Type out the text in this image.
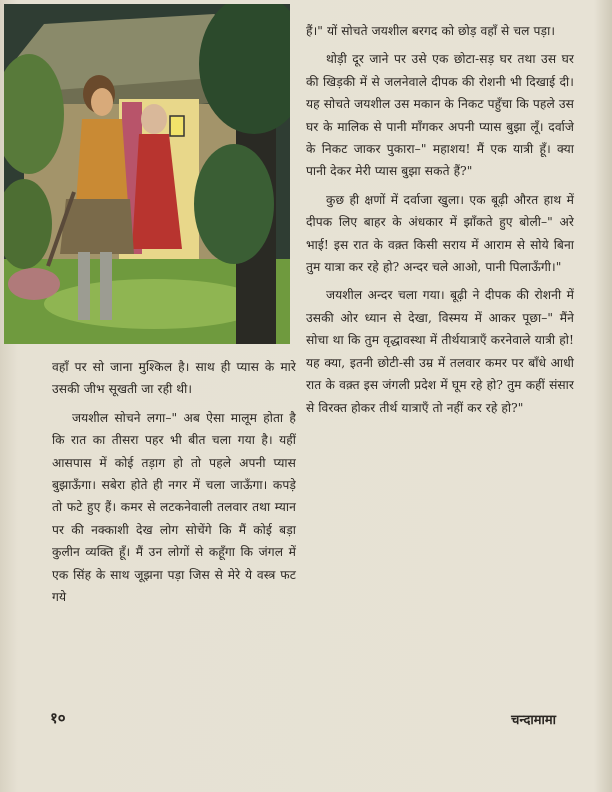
हैं।" यों सोचते जयशील बरगद को छोड़ वहाँ से चल पड़ा।

थोड़ी दूर जाने पर उसे एक छोटा-सड़ घर तथा उस घर की खिड़की में से जलनेवाले दीपक की रोशनी भी दिखाई दी। यह सोचते जयशील उस मकान के निकट पहुँचा कि पहले उस घर के मालिक से पानी माँगकर अपनी प्यास बुझा लूँ। दर्वाजे के निकट जाकर पुकारा–" महाशय! मैं एक यात्री हूँ। क्या पानी देकर मेरी प्यास बुझा सकते हैं?"

कुछ ही क्षणों में दर्वाजा खुला। एक बूढ़ी औरत हाथ में दीपक लिए बाहर के अंधकार में झाँकते हुए बोली–" अरे भाई! इस रात के वक़्त किसी सराय में आराम से सोये बिना तुम यात्रा कर रहे हो? अन्दर चले आओ, पानी पिलाऊँगी।"

जयशील अन्दर चला गया। बूढ़ी ने दीपक की रोशनी में उसकी ओर ध्यान से देखा, विस्मय में आकर पूछा–" मैंने सोचा था कि तुम वृद्धावस्था में तीर्थयात्राएँ करनेवाले यात्री हो! यह क्या, इतनी छोटी-सी उम्र में तलवार कमर पर बाँधे आधी रात के वक़्त इस जंगली प्रदेश में घूम रहे हो? तुम कहीं संसार से विरक्त होकर तीर्थ यात्राएँ तो नहीं कर रहे हो?"

वहाँ पर सो जाना मुश्किल है। साथ ही प्यास के मारे उसकी जीभ सूखती जा रही थी।

जयशील सोचने लगा–" अब ऐसा मालूम होता है कि रात का तीसरा पहर भी बीत चला गया है। यहीं आसपास में कोई तड़ाग हो तो पहले अपनी प्यास बुझाऊँगा। सबेरा होते ही नगर में चला जाऊँगा। कपड़े तो फटे हुए हैं। कमर से लटकनेवाली तलवार तथा म्यान पर की नक्काशी देख लोग सोचेंगे कि मैं कोई बड़ा कुलीन व्यक्ति हूँ। मैं उन लोगों से कहूँगा कि जंगल में एक सिंह के साथ जूझना पड़ा जिस से मेरे ये वस्त्र फट गये

१०	चन्दामामा
